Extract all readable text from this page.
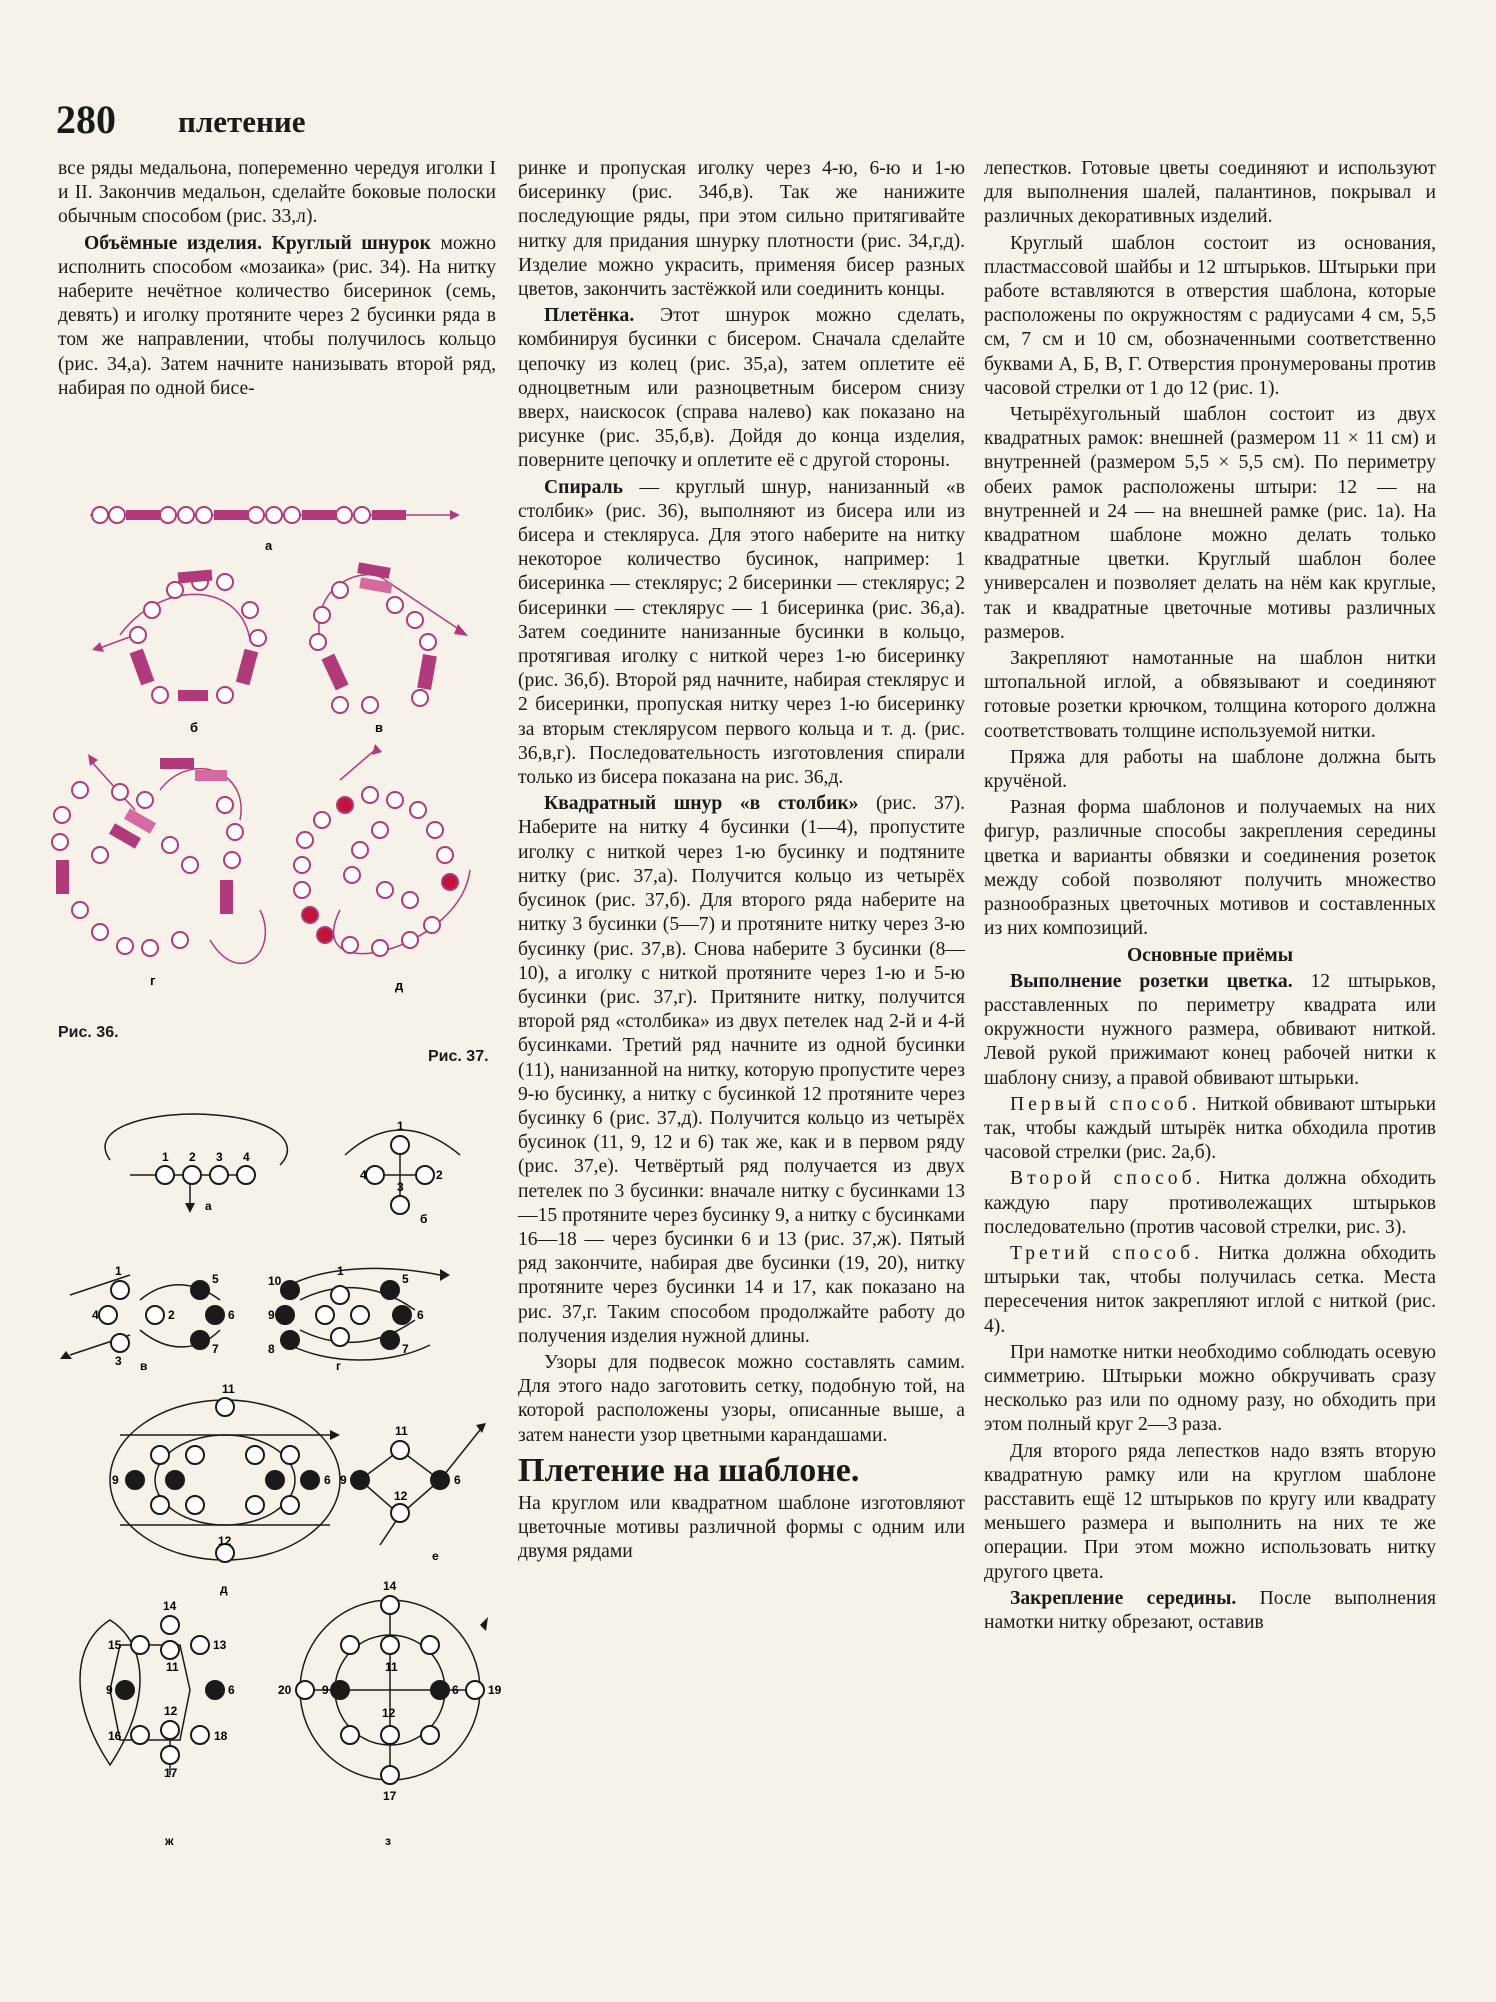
280 плетение

все ряды медальона, попеременно чередуя иголки I и II. Закончив медальон, сделайте боковые полоски обычным способом (рис. 33,л).

Объёмные изделия. Круглый шнурок можно исполнить способом «мозаика» (рис. 34). На нитку наберите нечётное количество бисеринок (семь, девять) и иголку протяните через 2 бусинки ряда в том же направлении, чтобы получилось кольцо (рис. 34,а). Затем начните нанизывать второй ряд, набирая по одной бисе-

а
б	в
г	д
Рис. 36.
Рис. 37.
1 2 3 4
а
1
2
3
4
б
1
2
3
4
5
6
7
в
10
9
8
5
6
7
1
г
11
9	6
12
д
11
9	6
12
е
14
15	13
11
9	6
12
16	18
17
ж
14
11
20	9	6 19
12
17
з

ринке и пропуская иголку через 4-ю, 6-ю и 1-ю бисеринку (рис. 34б,в). Так же нанижите последующие ряды, при этом сильно притягивайте нитку для придания шнурку плотности (рис. 34,г,д). Изделие можно украсить, применяя бисер разных цветов, закончить застёжкой или соединить концы.

Плетёнка. Этот шнурок можно сделать, комбинируя бусинки с бисером. Сначала сделайте цепочку из колец (рис. 35,а), затем оплетите её одноцветным или разноцветным бисером снизу вверх, наискосок (справа налево) как показано на рисунке (рис. 35,б,в). Дойдя до конца изделия, поверните цепочку и оплетите её с другой стороны.

Спираль — круглый шнур, нанизанный «в столбик» (рис. 36), выполняют из бисера или из бисера и стеклярусa. Для этого наберите на нитку некоторое количество бусинок, например: 1 бисеринка — стеклярус; 2 бисеринки — стеклярус; 2 бисеринки — стеклярус — 1 бисеринка (рис. 36,а). Затем соедините нанизанные бусинки в кольцо, протягивая иголку с ниткой через 1-ю бисеринку (рис. 36,б). Второй ряд начните, набирая стеклярус и 2 бисеринки, пропуская нитку через 1-ю бисеринку за вторым стеклярусом первого кольца и т. д. (рис. 36,в,г). Последовательность изготовления спирали только из бисера показана на рис. 36,д.

Квадратный шнур «в столбик» (рис. 37). Наберите на нитку 4 бусинки (1—4), пропустите иголку с ниткой через 1-ю бусинку и подтяните нитку (рис. 37,а). Получится кольцо из четырёх бусинок (рис. 37,б). Для второго ряда наберите на нитку 3 бусинки (5—7) и протяните нитку через 3-ю бусинку (рис. 37,в). Снова наберите 3 бусинки (8—10), а иголку с ниткой протяните через 1-ю и 5-ю бусинки (рис. 37,г). Притяните нитку, получится второй ряд «столбика» из двух петелек над 2-й и 4-й бусинками. Третий ряд начните из одной бусинки (11), нанизанной на нитку, которую пропустите через 9-ю бусинку, а нитку с бусинкой 12 протяните через бусинку 6 (рис. 37,д). Получится кольцо из четырёх бусинок (11, 9, 12 и 6) так же, как и в первом ряду (рис. 37,е). Четвёртый ряд получается из двух петелек по 3 бусинки: вначале нитку с бусинками 13—15 протяните через бусинку 9, а нитку с бусинками 16—18 — через бусинки 6 и 13 (рис. 37,ж). Пятый ряд закончите, набирая две бусинки (19, 20), нитку протяните через бусинки 14 и 17, как показано на рис. 37,г. Таким способом продолжайте работу до получения изделия нужной длины.

Узоры для подвесок можно составлять самим. Для этого надо заготовить сетку, подобную той, на которой расположены узоры, описанные выше, а затем нанести узор цветными карандашами.

Плетение на шаблоне.

На круглом или квадратном шаблоне изготовляют цветочные мотивы различной формы с одним или двумя рядами

лепестков. Готовые цветы соединяют и используют для выполнения шалей, палантинов, покрывал и различных декоративных изделий.

Круглый шаблон состоит из основания, пластмассовой шайбы и 12 штырьков. Штырьки при работе вставляются в отверстия шаблона, которые расположены по окружностям с радиусами 4 см, 5,5 см, 7 см и 10 см, обозначенными соответственно буквами А, Б, В, Г. Отверстия пронумерованы против часовой стрелки от 1 до 12 (рис. 1).

Четырёхугольный шаблон состоит из двух квадратных рамок: внешней (размером 11 × 11 см) и внутренней (размером 5,5 × 5,5 см). По периметру обеих рамок расположены штыри: 12 — на внутренней и 24 — на внешней рамке (рис. 1а). На квадратном шаблоне можно делать только квадратные цветки. Круглый шаблон более универсален и позволяет делать на нём как круглые, так и квадратные цветочные мотивы различных размеров.

Закрепляют намотанные на шаблон нитки штопальной иглой, а обвязывают и соединяют готовые розетки крючком, толщина которого должна соответствовать толщине используемой нитки.

Пряжа для работы на шаблоне должна быть кручёной.

Разная форма шаблонов и получаемых на них фигур, различные способы закрепления середины цветка и варианты обвязки и соединения розеток между собой позволяют получить множество разнообразных цветочных мотивов и составленных из них композиций.

Основные приёмы

Выполнение розетки цветка. 12 штырьков, расставленных по периметру квадрата или окружности нужного размера, обвивают ниткой. Левой рукой прижимают конец рабочей нитки к шаблону снизу, а правой обвивают штырьки.

Первый способ. Ниткой обвивают штырьки так, чтобы каждый штырёк нитка обходила против часовой стрелки (рис. 2а,б).

Второй способ. Нитка должна обходить каждую пару противолежащих штырьков последовательно (против часовой стрелки, рис. 3).

Третий способ. Нитка должна обходить штырьки так, чтобы получилась сетка. Места пересечения ниток закрепляют иглой с ниткой (рис. 4).

При намотке нитки необходимо соблюдать осевую симметрию. Штырьки можно обкручивать сразу несколько раз или по одному разу, но обходить при этом полный круг 2—3 раза.

Для второго ряда лепестков надо взять вторую квадратную рамку или на круглом шаблоне расставить ещё 12 штырьков по кругу или квадрату меньшего размера и выполнить на них те же операции. При этом можно использовать нитку другого цвета.

Закрепление середины. После выполнения намотки нитку обрезают, оставив
